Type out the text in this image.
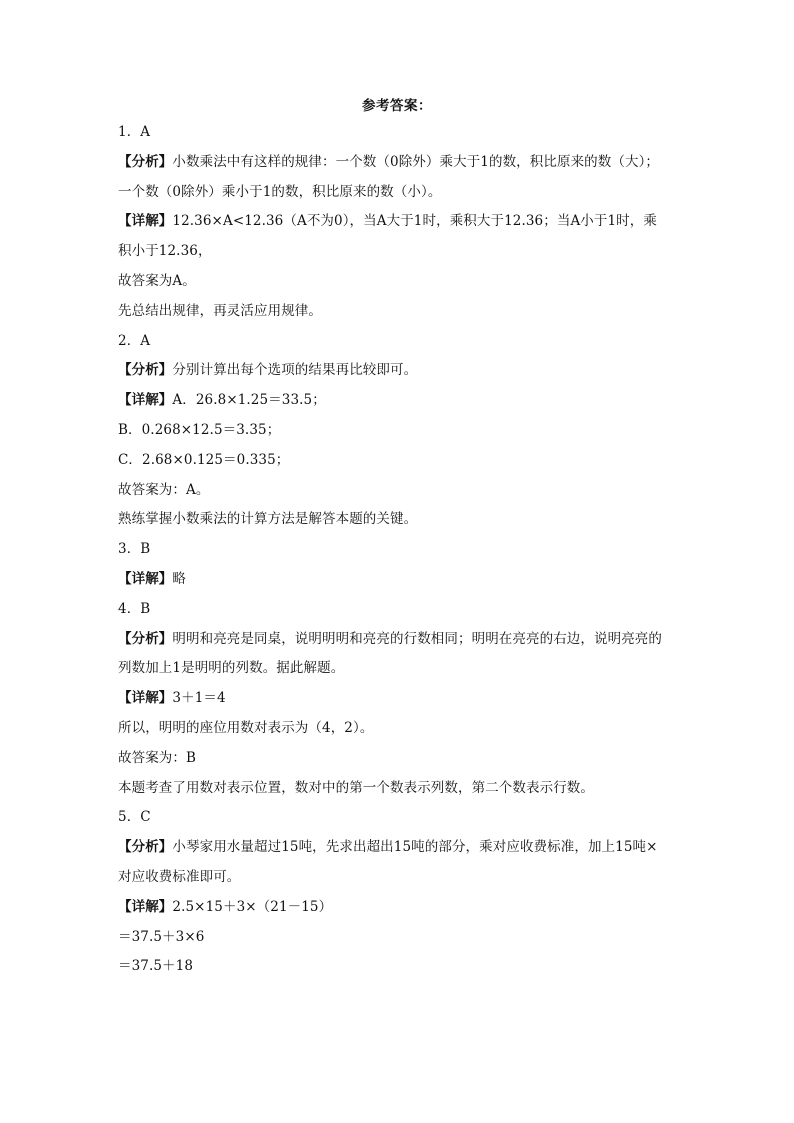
参考答案：
1．A
【分析】小数乘法中有这样的规律：一个数（0除外）乘大于1的数，积比原来的数（大）；
一个数（0除外）乘小于1的数，积比原来的数（小）。
【详解】12.36×A<12.36（A不为0），当A大于1时，乘积大于12.36；当A小于1时，乘
积小于12.36，
故答案为A。
先总结出规律，再灵活应用规律。
2．A
【分析】分别计算出每个选项的结果再比较即可。
【详解】A．26.8×1.25＝33.5；
B．0.268×12.5＝3.35；
C．2.68×0.125＝0.335；
故答案为：A。
熟练掌握小数乘法的计算方法是解答本题的关键。
3．B
【详解】略
4．B
【分析】明明和亮亮是同桌，说明明明和亮亮的行数相同；明明在亮亮的右边，说明亮亮的
列数加上1是明明的列数。据此解题。
【详解】3＋1＝4
所以，明明的座位用数对表示为（4，2）。
故答案为：B
本题考查了用数对表示位置，数对中的第一个数表示列数，第二个数表示行数。
5．C
【分析】小琴家用水量超过15吨，先求出超出15吨的部分，乘对应收费标准，加上15吨×
对应收费标准即可。
【详解】2.5×15＋3×（21－15）
＝37.5＋3×6
＝37.5＋18
